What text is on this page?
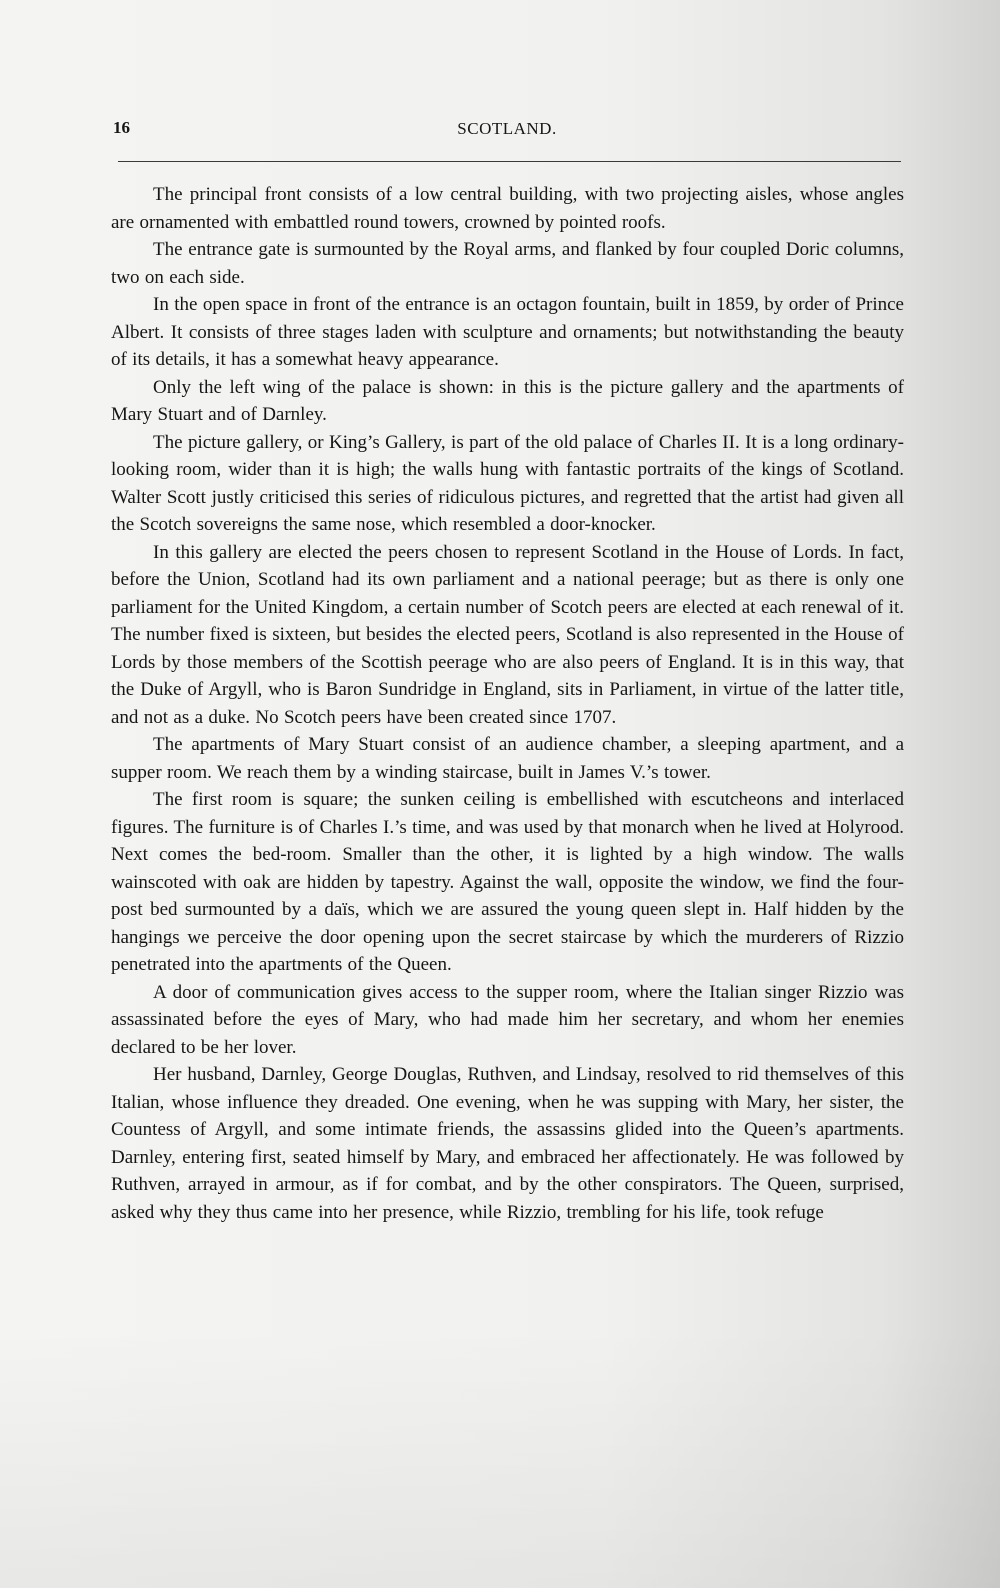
16	SCOTLAND.

The principal front consists of a low central building, with two projecting aisles, whose angles are ornamented with embattled round towers, crowned by pointed roofs.

The entrance gate is surmounted by the Royal arms, and flanked by four coupled Doric columns, two on each side.

In the open space in front of the entrance is an octagon fountain, built in 1859, by order of Prince Albert. It consists of three stages laden with sculpture and ornaments; but notwithstanding the beauty of its details, it has a somewhat heavy appearance.

Only the left wing of the palace is shown: in this is the picture gallery and the apartments of Mary Stuart and of Darnley.

The picture gallery, or King’s Gallery, is part of the old palace of Charles II. It is a long ordinary-looking room, wider than it is high; the walls hung with fantastic portraits of the kings of Scotland. Walter Scott justly criticised this series of ridiculous pictures, and regretted that the artist had given all the Scotch sovereigns the same nose, which resembled a door-knocker.

In this gallery are elected the peers chosen to represent Scotland in the House of Lords. In fact, before the Union, Scotland had its own parliament and a national peerage; but as there is only one parliament for the United Kingdom, a certain number of Scotch peers are elected at each renewal of it. The number fixed is sixteen, but besides the elected peers, Scotland is also represented in the House of Lords by those members of the Scottish peerage who are also peers of England. It is in this way, that the Duke of Argyll, who is Baron Sundridge in England, sits in Parliament, in virtue of the latter title, and not as a duke. No Scotch peers have been created since 1707.

The apartments of Mary Stuart consist of an audience chamber, a sleeping apartment, and a supper room. We reach them by a winding staircase, built in James V.’s tower.

The first room is square; the sunken ceiling is embellished with escutcheons and interlaced figures. The furniture is of Charles I.’s time, and was used by that monarch when he lived at Holyrood. Next comes the bed-room. Smaller than the other, it is lighted by a high window. The walls wainscoted with oak are hidden by tapestry. Against the wall, opposite the window, we find the four-post bed surmounted by a daïs, which we are assured the young queen slept in. Half hidden by the hangings we perceive the door opening upon the secret staircase by which the murderers of Rizzio penetrated into the apartments of the Queen.

A door of communication gives access to the supper room, where the Italian singer Rizzio was assassinated before the eyes of Mary, who had made him her secretary, and whom her enemies declared to be her lover.

Her husband, Darnley, George Douglas, Ruthven, and Lindsay, resolved to rid themselves of this Italian, whose influence they dreaded. One evening, when he was supping with Mary, her sister, the Countess of Argyll, and some intimate friends, the assassins glided into the Queen’s apartments. Darnley, entering first, seated himself by Mary, and embraced her affectionately. He was followed by Ruthven, arrayed in armour, as if for combat, and by the other conspirators. The Queen, surprised, asked why they thus came into her presence, while Rizzio, trembling for his life, took refuge
